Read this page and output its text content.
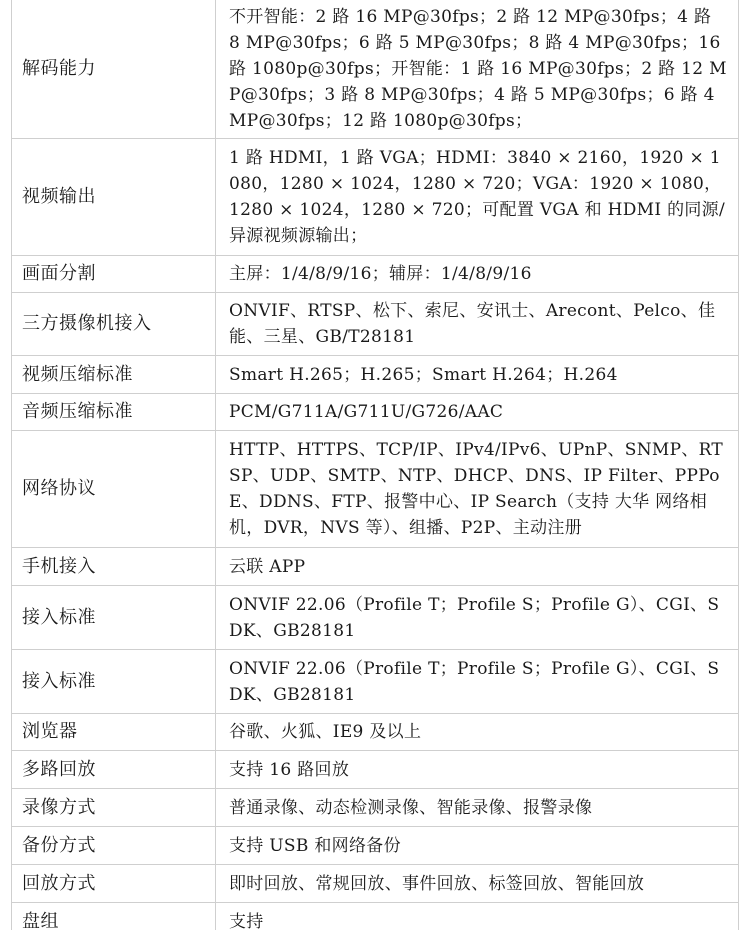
解码能力	不开智能：2 路 16 MP@30fps；2 路 12 MP@30fps；4 路 8 MP@30fps；6 路 5 MP@30fps；8 路 4 MP@30fps；16 路 1080p@30fps；开智能：1 路 16 MP@30fps；2 路 12 MP@30fps；3 路 8 MP@30fps；4 路 5 MP@30fps；6 路 4 MP@30fps；12 路 1080p@30fps；
视频输出	1 路 HDMI，1 路 VGA；HDMI：3840 × 2160，1920 × 1080，1280 × 1024，1280 × 720；VGA：1920 × 1080，1280 × 1024，1280 × 720；可配置 VGA 和 HDMI 的同源/异源视频源输出；
画面分割	主屏：1/4/8/9/16；辅屏：1/4/8/9/16
三方摄像机接入	ONVIF、RTSP、松下、索尼、安讯士、Arecont、Pelco、佳能、三星、GB/T28181
视频压缩标准	Smart H.265；H.265；Smart H.264；H.264
音频压缩标准	PCM/G711A/G711U/G726/AAC
网络协议	HTTP、HTTPS、TCP/IP、IPv4/IPv6、UPnP、SNMP、RTSP、UDP、SMTP、NTP、DHCP、DNS、IP Filter、PPPoE、DDNS、FTP、报警中心、IP Search（支持 大华 网络相机，DVR，NVS 等）、组播、P2P、主动注册
手机接入	云联 APP
接入标准	ONVIF 22.06（Profile T；Profile S；Profile G）、CGI、SDK、GB28181
接入标准	ONVIF 22.06（Profile T；Profile S；Profile G）、CGI、SDK、GB28181
浏览器	谷歌、火狐、IE9 及以上
多路回放	支持 16 路回放
录像方式	普通录像、动态检测录像、智能录像、报警录像
备份方式	支持 USB 和网络备份
回放方式	即时回放、常规回放、事件回放、标签回放、智能回放
盘组	支持
